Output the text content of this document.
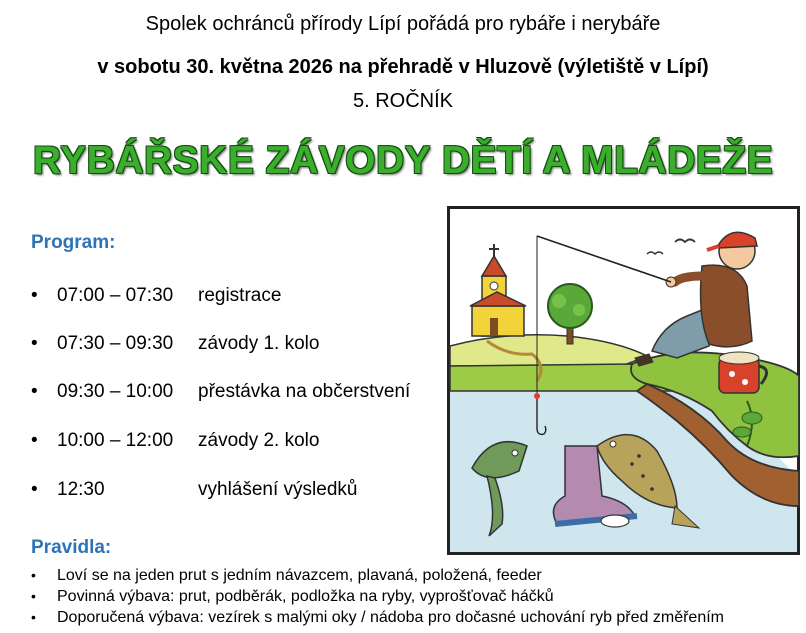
Spolek ochránců přírody Lípí pořádá pro rybáře i nerybáře
v sobotu 30. května 2026 na přehradě v Hluzově (výletiště v Lípí)
5. ROČNÍK
RYBÁŘSKÉ ZÁVODY DĚTÍ A MLÁDEŽE
Program:
• 07:00 – 07:30 registrace
• 07:30 – 09:30 závody 1. kolo
• 09:30 – 10:00 přestávka na občerstvení
• 10:00 – 12:00 závody 2. kolo
• 12:30	vyhlášení výsledků
Pravidla:
• Loví se na jeden prut s jedním návazcem, plavaná, položená, feeder
• Povinná výbava: prut, podběrák, podložka na ryby, vyprošťovač háčků
• Doporučená výbava: vezírek s malými oky / nádoba pro dočasné uchování ryb před změřením
